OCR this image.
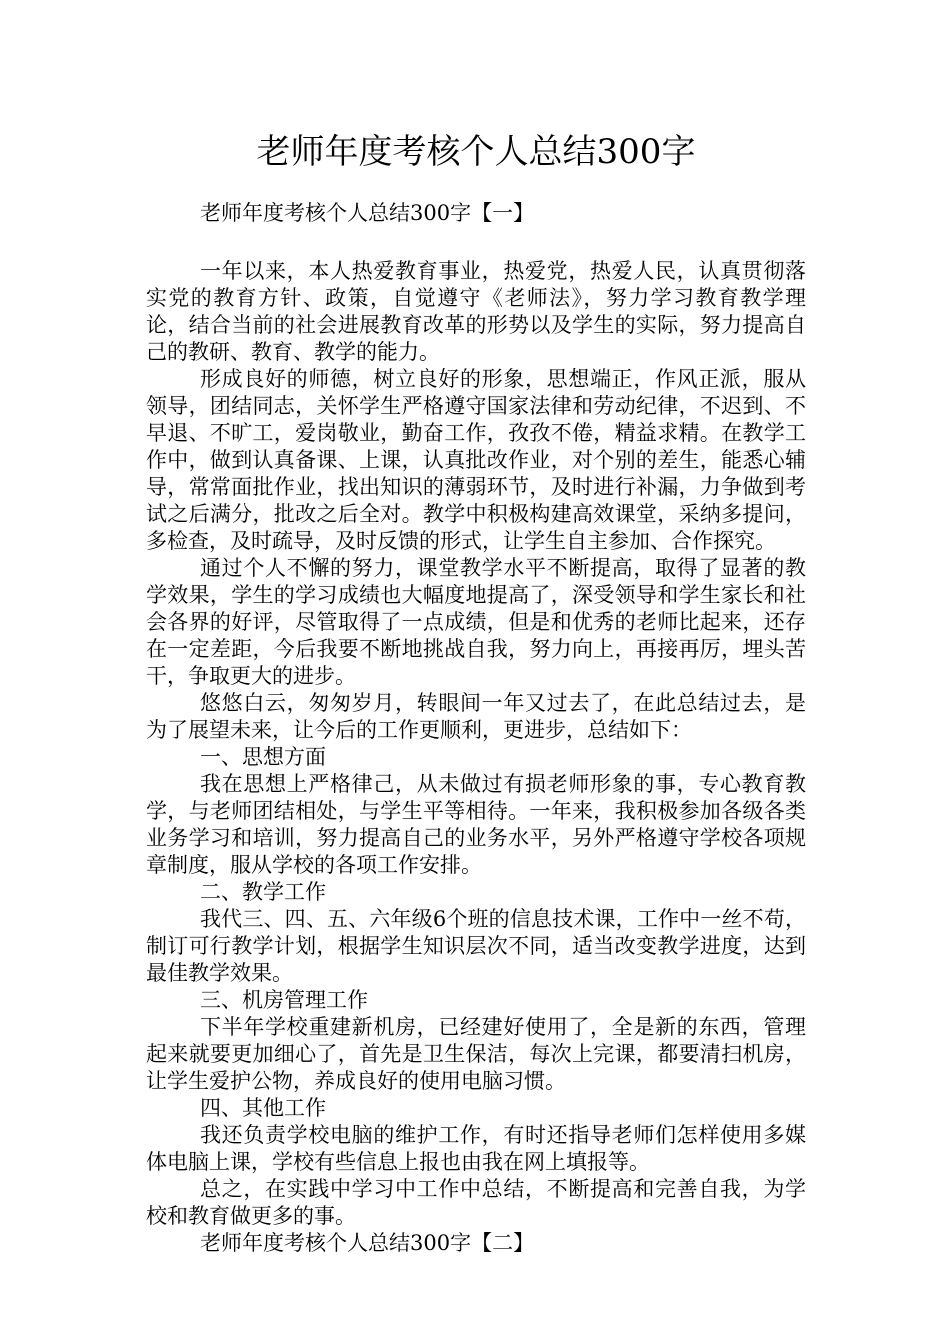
老师年度考核个人总结300字
老师年度考核个人总结300字【一】

一年以来，本人热爱教育事业，热爱党，热爱人民，认真贯彻落实党的教育方针、政策，自觉遵守《老师法》，努力学习教育教学理论，结合当前的社会进展教育改革的形势以及学生的实际，努力提高自己的教研、教育、教学的能力。

形成良好的师德，树立良好的形象，思想端正，作风正派，服从领导，团结同志，关怀学生严格遵守国家法律和劳动纪律，不迟到、不早退、不旷工，爱岗敬业，勤奋工作，孜孜不倦，精益求精。在教学工作中，做到认真备课、上课，认真批改作业，对个别的差生，能悉心辅导，常常面批作业，找出知识的薄弱环节，及时进行补漏，力争做到考试之后满分，批改之后全对。教学中积极构建高效课堂，采纳多提问，多检查，及时疏导，及时反馈的形式，让学生自主参加、合作探究。

通过个人不懈的努力，课堂教学水平不断提高，取得了显著的教学效果，学生的学习成绩也大幅度地提高了，深受领导和学生家长和社会各界的好评，尽管取得了一点成绩，但是和优秀的老师比起来，还存在一定差距，今后我要不断地挑战自我，努力向上，再接再厉，埋头苦干，争取更大的进步。

悠悠白云，匆匆岁月，转眼间一年又过去了，在此总结过去，是为了展望未来，让今后的工作更顺利，更进步，总结如下：

一、思想方面

我在思想上严格律己，从未做过有损老师形象的事，专心教育教学，与老师团结相处，与学生平等相待。一年来，我积极参加各级各类业务学习和培训，努力提高自己的业务水平，另外严格遵守学校各项规章制度，服从学校的各项工作安排。

二、教学工作

我代三、四、五、六年级6个班的信息技术课，工作中一丝不苟，制订可行教学计划，根据学生知识层次不同，适当改变教学进度，达到最佳教学效果。

三、机房管理工作

下半年学校重建新机房，已经建好使用了，全是新的东西，管理起来就要更加细心了，首先是卫生保洁，每次上完课，都要清扫机房，让学生爱护公物，养成良好的使用电脑习惯。

四、其他工作

我还负责学校电脑的维护工作，有时还指导老师们怎样使用多媒体电脑上课，学校有些信息上报也由我在网上填报等。

总之，在实践中学习中工作中总结，不断提高和完善自我，为学校和教育做更多的事。

老师年度考核个人总结300字【二】
